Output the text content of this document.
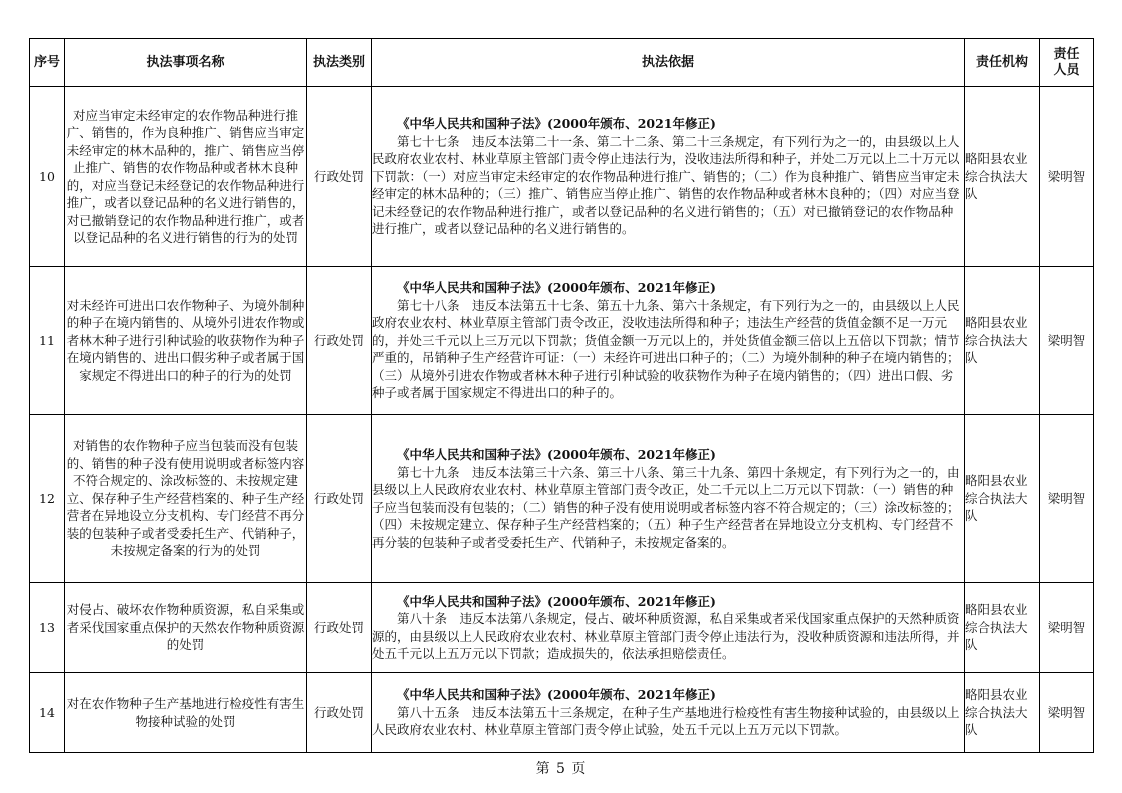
序号	执法事项名称	执法类别	执法依据	责任机构	责任人员
10	对应当审定未经审定的农作物品种进行推广、销售的，作为良种推广、销售应当审定未经审定的林木品种的，推广、销售应当停止推广、销售的农作物品种或者林木良种的，对应当登记未经登记的农作物品种进行推广，或者以登记品种的名义进行销售的，对已撤销登记的农作物品种进行推广，或者以登记品种的名义进行销售的行为的处罚	行政处罚	《中华人民共和国种子法》(2000年颁布、2021年修正)
第七十七条　违反本法第二十一条、第二十二条、第二十三条规定，有下列行为之一的，由县级以上人民政府农业农村、林业草原主管部门责令停止违法行为，没收违法所得和种子，并处二万元以上二十万元以下罚款：（一）对应当审定未经审定的农作物品种进行推广、销售的；（二）作为良种推广、销售应当审定未经审定的林木品种的；（三）推广、销售应当停止推广、销售的农作物品种或者林木良种的；（四）对应当登记未经登记的农作物品种进行推广，或者以登记品种的名义进行销售的；（五）对已撤销登记的农作物品种进行推广，或者以登记品种的名义进行销售的。	略阳县农业综合执法大队	梁明智
11	对未经许可进出口农作物种子、为境外制种的种子在境内销售的、从境外引进农作物或者林木种子进行引种试验的收获物作为种子在境内销售的、进出口假劣种子或者属于国家规定不得进出口的种子的行为的处罚	行政处罚	《中华人民共和国种子法》(2000年颁布、2021年修正)
第七十八条　违反本法第五十七条、第五十九条、第六十条规定，有下列行为之一的，由县级以上人民政府农业农村、林业草原主管部门责令改正，没收违法所得和种子；违法生产经营的货值金额不足一万元的，并处三千元以上三万元以下罚款；货值金额一万元以上的，并处货值金额三倍以上五倍以下罚款；情节严重的，吊销种子生产经营许可证：（一）未经许可进出口种子的；（二）为境外制种的种子在境内销售的；（三）从境外引进农作物或者林木种子进行引种试验的收获物作为种子在境内销售的；（四）进出口假、劣种子或者属于国家规定不得进出口的种子的。	略阳县农业综合执法大队	梁明智
12	对销售的农作物种子应当包装而没有包装的、销售的种子没有使用说明或者标签内容不符合规定的、涂改标签的、未按规定建立、保存种子生产经营档案的、种子生产经营者在异地设立分支机构、专门经营不再分装的包装种子或者受委托生产、代销种子，未按规定备案的行为的处罚	行政处罚	《中华人民共和国种子法》(2000年颁布、2021年修正)
第七十九条　违反本法第三十六条、第三十八条、第三十九条、第四十条规定，有下列行为之一的，由县级以上人民政府农业农村、林业草原主管部门责令改正，处二千元以上二万元以下罚款：（一）销售的种子应当包装而没有包装的；（二）销售的种子没有使用说明或者标签内容不符合规定的；（三）涂改标签的；（四）未按规定建立、保存种子生产经营档案的；（五）种子生产经营者在异地设立分支机构、专门经营不再分装的包装种子或者受委托生产、代销种子，未按规定备案的。	略阳县农业综合执法大队	梁明智
13	对侵占、破坏农作物种质资源，私自采集或者采伐国家重点保护的天然农作物种质资源的处罚	行政处罚	《中华人民共和国种子法》(2000年颁布、2021年修正)
第八十条　违反本法第八条规定，侵占、破坏种质资源，私自采集或者采伐国家重点保护的天然种质资源的，由县级以上人民政府农业农村、林业草原主管部门责令停止违法行为，没收种质资源和违法所得，并处五千元以上五万元以下罚款；造成损失的，依法承担赔偿责任。	略阳县农业综合执法大队	梁明智
14	对在农作物种子生产基地进行检疫性有害生物接种试验的处罚	行政处罚	《中华人民共和国种子法》(2000年颁布、2021年修正)
第八十五条　违反本法第五十三条规定，在种子生产基地进行检疫性有害生物接种试验的，由县级以上人民政府农业农村、林业草原主管部门责令停止试验，处五千元以上五万元以下罚款。	略阳县农业综合执法大队	梁明智
第 5 页
